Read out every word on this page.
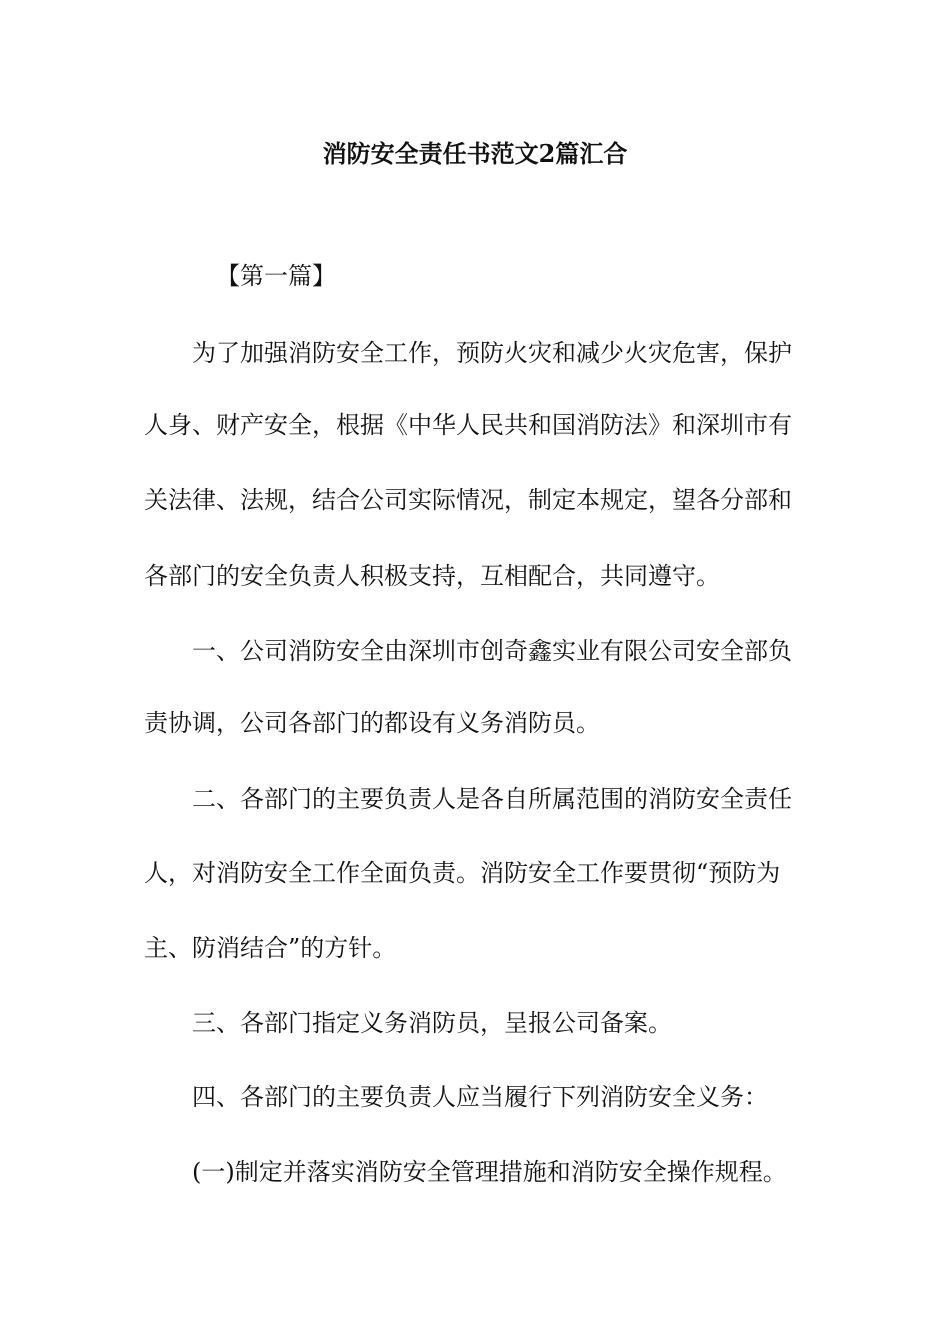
消防安全责任书范文2篇汇合
【第一篇】
为了加强消防安全工作，预防火灾和减少火灾危害，保护
人身、财产安全，根据《中华人民共和国消防法》和深圳市有
关法律、法规，结合公司实际情况，制定本规定，望各分部和
各部门的安全负责人积极支持，互相配合，共同遵守。
一、公司消防安全由深圳市创奇鑫实业有限公司安全部负
责协调，公司各部门的都设有义务消防员。
二、各部门的主要负责人是各自所属范围的消防安全责任
人，对消防安全工作全面负责。消防安全工作要贯彻“预防为
主、防消结合”的方针。
三、各部门指定义务消防员，呈报公司备案。
四、各部门的主要负责人应当履行下列消防安全义务：
(一)制定并落实消防安全管理措施和消防安全操作规程。
